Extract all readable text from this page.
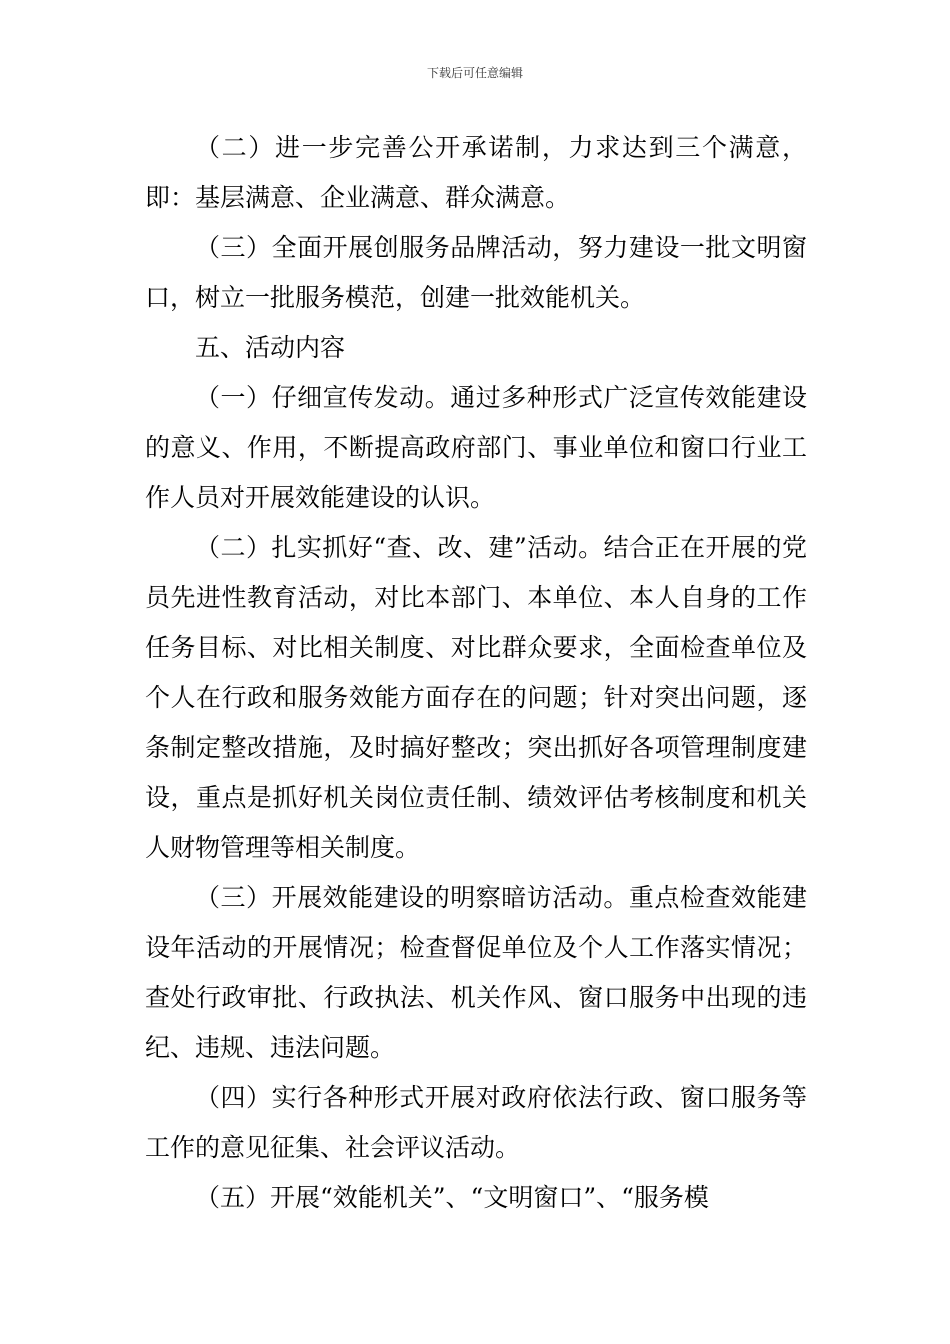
下载后可任意编辑

（二）进一步完善公开承诺制，力求达到三个满意，即：基层满意、企业满意、群众满意。

（三）全面开展创服务品牌活动，努力建设一批文明窗口，树立一批服务模范，创建一批效能机关。

五、活动内容

（一）仔细宣传发动。通过多种形式广泛宣传效能建设的意义、作用，不断提高政府部门、事业单位和窗口行业工作人员对开展效能建设的认识。

（二）扎实抓好“查、改、建”活动。结合正在开展的党员先进性教育活动，对比本部门、本单位、本人自身的工作任务目标、对比相关制度、对比群众要求，全面检查单位及个人在行政和服务效能方面存在的问题；针对突出问题，逐条制定整改措施，及时搞好整改；突出抓好各项管理制度建设，重点是抓好机关岗位责任制、绩效评估考核制度和机关人财物管理等相关制度。

（三）开展效能建设的明察暗访活动。重点检查效能建设年活动的开展情况；检查督促单位及个人工作落实情况；查处行政审批、行政执法、机关作风、窗口服务中出现的违纪、违规、违法问题。

（四）实行各种形式开展对政府依法行政、窗口服务等工作的意见征集、社会评议活动。

（五）开展“效能机关”、“文明窗口”、“服务模
